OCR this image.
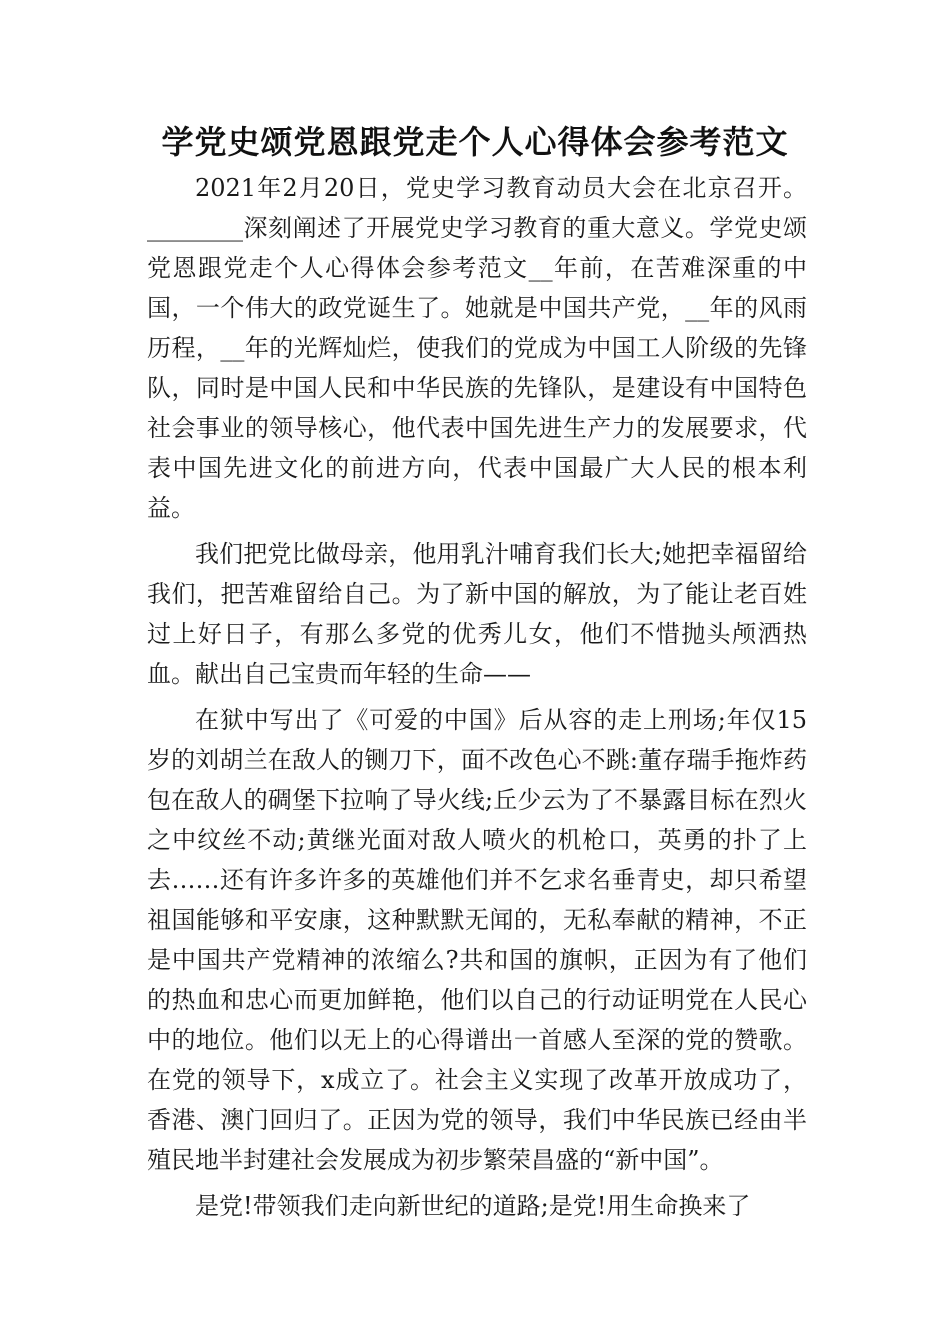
学党史颂党恩跟党走个人心得体会参考范文

2021年2月20日，党史学习教育动员大会在北京召开。________深刻阐述了开展党史学习教育的重大意义。学党史颂党恩跟党走个人心得体会参考范文__年前，在苦难深重的中国，一个伟大的政党诞生了。她就是中国共产党，__年的风雨历程，__年的光辉灿烂，使我们的党成为中国工人阶级的先锋队，同时是中国人民和中华民族的先锋队，是建设有中国特色社会事业的领导核心，他代表中国先进生产力的发展要求，代表中国先进文化的前进方向，代表中国最广大人民的根本利益。

我们把党比做母亲，他用乳汁哺育我们长大;她把幸福留给我们，把苦难留给自己。为了新中国的解放，为了能让老百姓过上好日子，有那么多党的优秀儿女，他们不惜抛头颅洒热血。献出自己宝贵而年轻的生命——

在狱中写出了《可爱的中国》后从容的走上刑场;年仅15岁的刘胡兰在敌人的铡刀下，面不改色心不跳:董存瑞手拖炸药包在敌人的碉堡下拉响了导火线;丘少云为了不暴露目标在烈火之中纹丝不动;黄继光面对敌人喷火的机枪口，英勇的扑了上去……还有许多许多的英雄他们并不乞求名垂青史，却只希望祖国能够和平安康，这种默默无闻的，无私奉献的精神，不正是中国共产党精神的浓缩么?共和国的旗帜，正因为有了他们的热血和忠心而更加鲜艳，他们以自己的行动证明党在人民心中的地位。他们以无上的心得谱出一首感人至深的党的赞歌。在党的领导下，x成立了。社会主义实现了改革开放成功了，香港、澳门回归了。正因为党的领导，我们中华民族已经由半殖民地半封建社会发展成为初步繁荣昌盛的“新中国”。

是党!带领我们走向新世纪的道路;是党!用生命换来了
